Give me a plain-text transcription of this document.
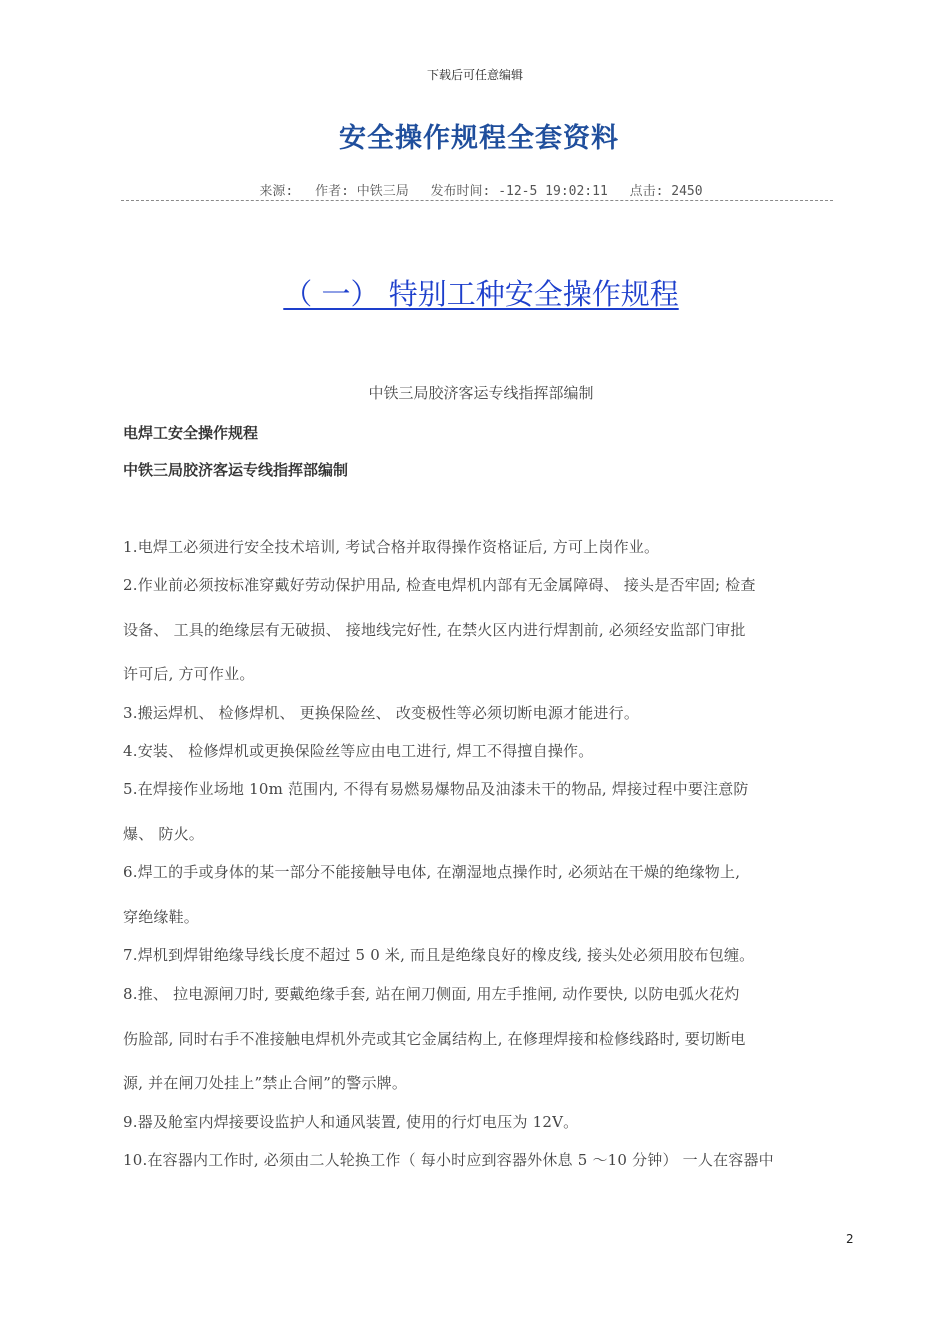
下载后可任意编辑
安全操作规程全套资料
来源: 作者: 中铁三局 发布时间: -12-5 19:02:11 点击: 2450
（ 一） 特别工种安全操作规程
中铁三局胶济客运专线指挥部编制
电焊工安全操作规程
中铁三局胶济客运专线指挥部编制
1.电焊工必须进行安全技术培训, 考试合格并取得操作资格证后, 方可上岗作业。
2.作业前必须按标准穿戴好劳动保护用品, 检查电焊机内部有无金属障碍、 接头是否牢固; 检查
设备、 工具的绝缘层有无破损、 接地线完好性, 在禁火区内进行焊割前, 必须经安监部门审批
许可后, 方可作业。
3.搬运焊机、 检修焊机、 更换保险丝、 改变极性等必须切断电源才能进行。
4.安装、 检修焊机或更换保险丝等应由电工进行, 焊工不得擅自操作。
5.在焊接作业场地 10m 范围内, 不得有易燃易爆物品及油漆未干的物品, 焊接过程中要注意防
爆、 防火。
6.焊工的手或身体的某一部分不能接触导电体, 在潮湿地点操作时, 必须站在干燥的绝缘物上,
穿绝缘鞋。
7.焊机到焊钳绝缘导线长度不超过 5 0 米, 而且是绝缘良好的橡皮线, 接头处必须用胶布包缠。
8.推、 拉电源闸刀时, 要戴绝缘手套, 站在闸刀侧面, 用左手推闸, 动作要快, 以防电弧火花灼
伤脸部, 同时右手不准接触电焊机外壳或其它金属结构上, 在修理焊接和检修线路时, 要切断电
源, 并在闸刀处挂上”禁止合闸”的警示牌。
9.器及舱室内焊接要设监护人和通风装置, 使用的行灯电压为 12V。
10.在容器内工作时, 必须由二人轮换工作（ 每小时应到容器外休息 5 ～10 分钟） 一人在容器中
2
